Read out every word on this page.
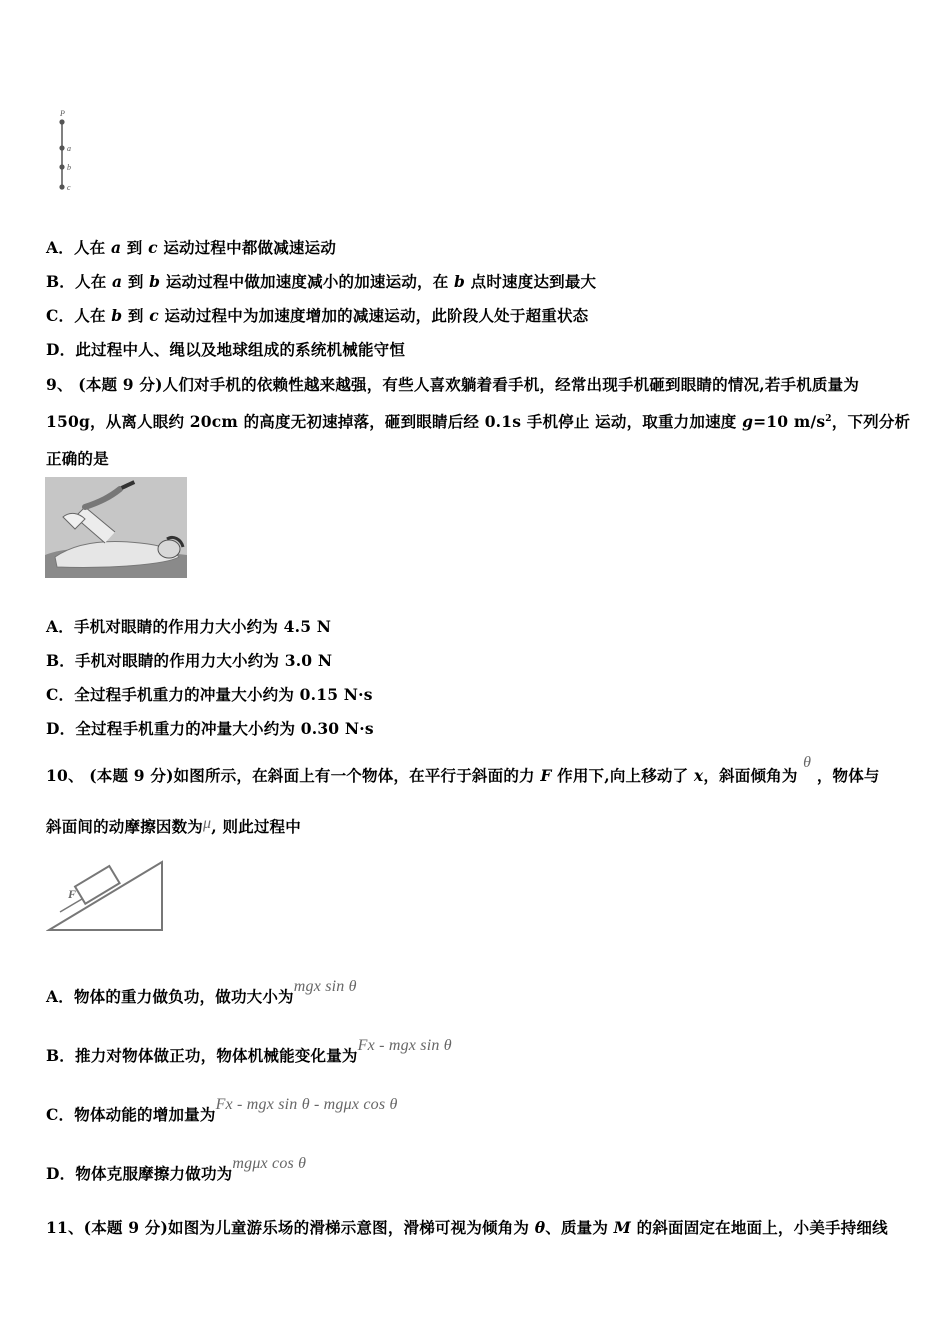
P
a
b
c
A．人在 a 到 c 运动过程中都做减速运动
B．人在 a 到 b 运动过程中做加速度减小的加速运动，在 b 点时速度达到最大
C．人在 b 到 c 运动过程中为加速度增加的减速运动，此阶段人处于超重状态
D．此过程中人、绳以及地球组成的系统机械能守恒
9、 (本题 9 分)人们对手机的依赖性越来越强，有些人喜欢躺着看手机，经常出现手机砸到眼睛的情况,若手机质量为
150g，从离人眼约 20cm 的高度无初速掉落，砸到眼睛后经 0.1s 手机停止 运动，取重力加速度 g=10 $m/s^2$，下列分析
正确的是
A．手机对眼睛的作用力大小约为 4.5 N
B．手机对眼睛的作用力大小约为 3.0 N
C．全过程手机重力的冲量大小约为 0.15 N·s
D．全过程手机重力的冲量大小约为 0.30 N·s
10、 (本题 9 分)如图所示，在斜面上有一个物体，在平行于斜面的力 F 作用下,向上移动了 x，斜面倾角为 θ ，物体与
斜面间的动摩擦因数为μ, 则此过程中
F
A．物体的重力做负功，做功大小为mgx sin θ
B．推力对物体做正功，物体机械能变化量为Fx - mgx sin θ
C．物体动能的增加量为Fx - mgx sin θ - mgμx cos θ
D．物体克服摩擦力做功为mgμx cos θ
11、(本题 9 分)如图为儿童游乐场的滑梯示意图，滑梯可视为倾角为 θ、质量为 M 的斜面固定在地面上，小美手持细线
